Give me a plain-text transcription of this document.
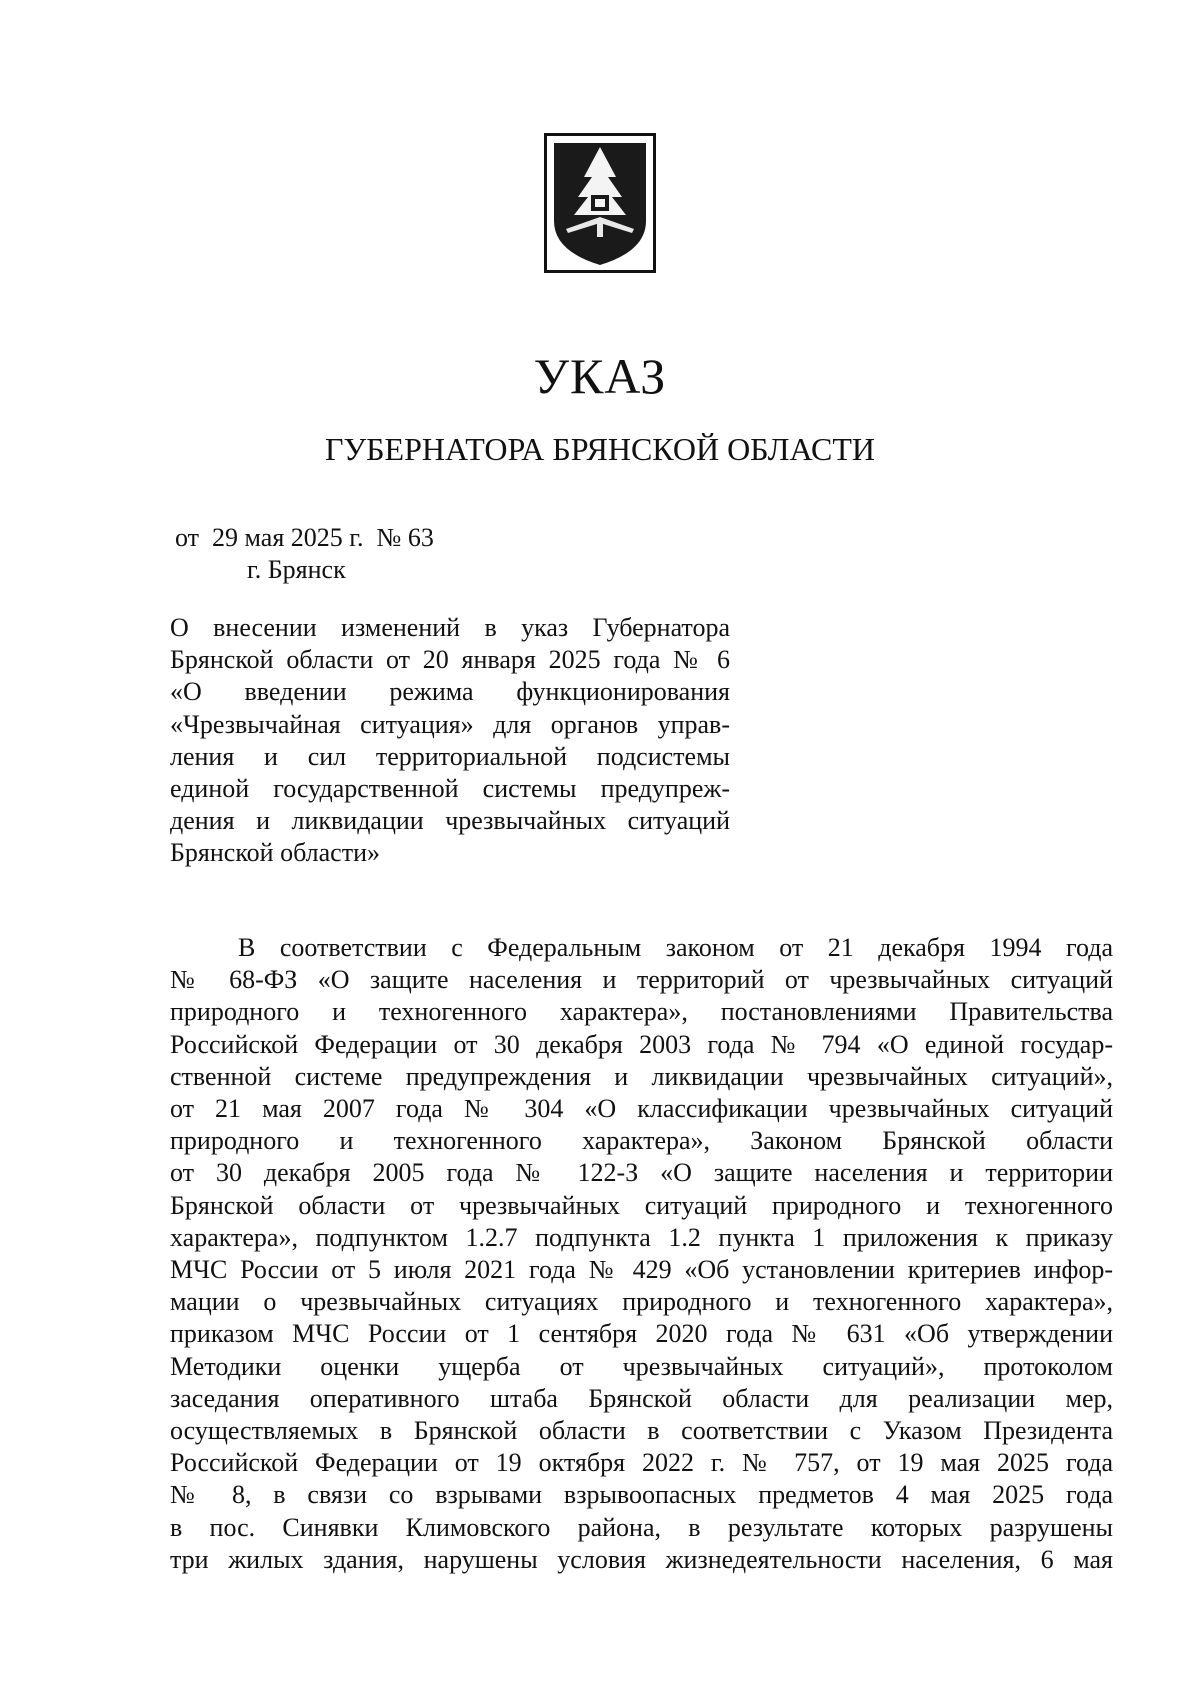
УКАЗ
ГУБЕРНАТОРА БРЯНСКОЙ ОБЛАСТИ
от  29 мая 2025 г.  № 63
г. Брянск
О внесении изменений в указ Губернатора
Брянской области от 20 января 2025 года № 6
«О введении режима функционирования
«Чрезвычайная ситуация» для органов управ-
ления и сил территориальной подсистемы
единой государственной системы предупреж-
дения и ликвидации чрезвычайных ситуаций
Брянской области»
В соответствии с Федеральным законом от 21 декабря 1994 года
№ 68-ФЗ «О защите населения и территорий от чрезвычайных ситуаций
природного и техногенного характера», постановлениями Правительства
Российской Федерации от 30 декабря 2003 года № 794 «О единой государ-
ственной системе предупреждения и ликвидации чрезвычайных ситуаций»,
от 21 мая 2007 года № 304 «О классификации чрезвычайных ситуаций
природного и техногенного характера», Законом Брянской области
от 30 декабря 2005 года № 122-З «О защите населения и территории
Брянской области от чрезвычайных ситуаций природного и техногенного
характера», подпунктом 1.2.7 подпункта 1.2 пункта 1 приложения к приказу
МЧС России от 5 июля 2021 года № 429 «Об установлении критериев инфор-
мации о чрезвычайных ситуациях природного и техногенного характера»,
приказом МЧС России от 1 сентября 2020 года № 631 «Об утверждении
Методики оценки ущерба от чрезвычайных ситуаций», протоколом
заседания оперативного штаба Брянской области для реализации мер,
осуществляемых в Брянской области в соответствии с Указом Президента
Российской Федерации от 19 октября 2022 г. № 757, от 19 мая 2025 года
№ 8, в связи со взрывами взрывоопасных предметов 4 мая 2025 года
в пос. Синявки Климовского района, в результате которых разрушены
три жилых здания, нарушены условия жизнедеятельности населения, 6 мая
